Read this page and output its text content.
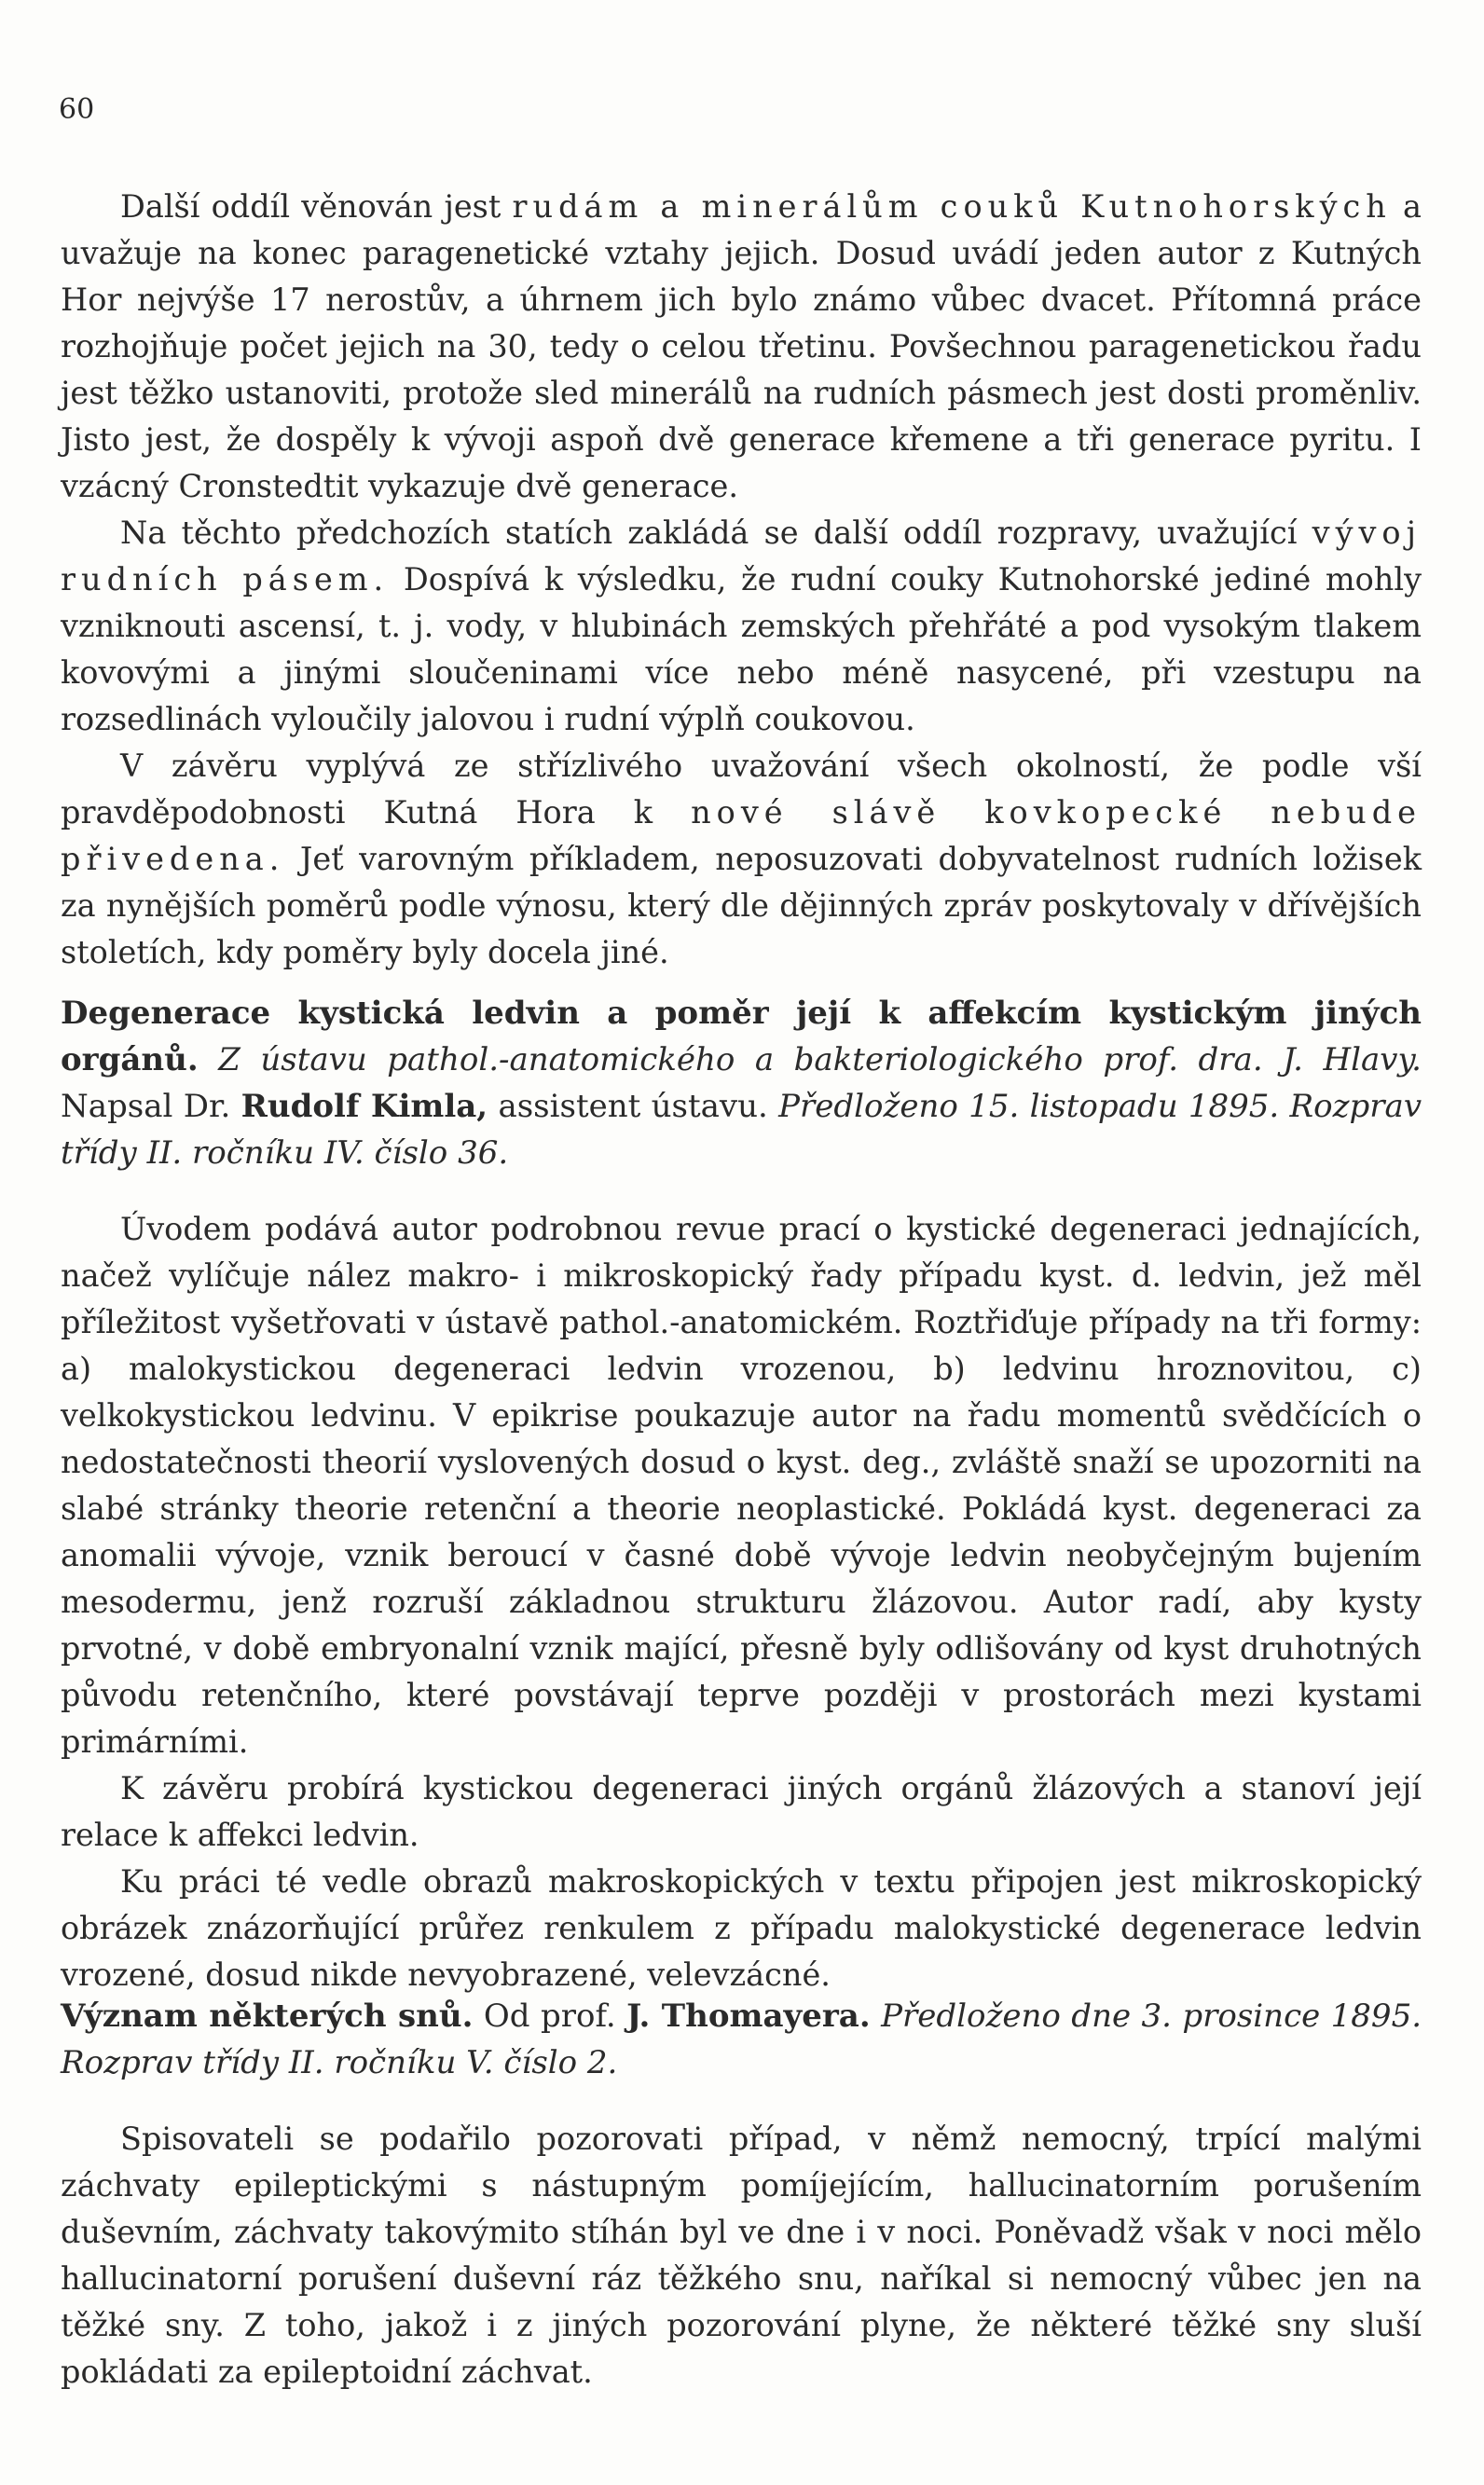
60

Další oddíl věnován jest rudám a minerálům couků Kutnohorských a uvažuje na konec paragenetické vztahy jejich. Dosud uvádí jeden autor z Kutných Hor nejvýše 17 nerostův, a úhrnem jich bylo známo vůbec dvacet. Přítomná práce rozhojňuje počet jejich na 30, tedy o celou třetinu. Povšechnou paragenetickou řadu jest těžko ustanoviti, protože sled minerálů na rudních pásmech jest dosti proměnliv. Jisto jest, že dospěly k vývoji aspoň dvě generace křemene a tři generace pyritu. I vzácný Cronstedtit vykazuje dvě generace.

Na těchto předchozích statích zakládá se další oddíl rozpravy, uvažující vývoj rudních pásem. Dospívá k výsledku, že rudní couky Kutnohorské jediné mohly vzniknouti ascensí, t. j. vody, v hlubinách zemských přehřáté a pod vysokým tlakem kovovými a jinými sloučeninami více nebo méně nasycené, při vzestupu na rozsedlinách vyloučily jalovou i rudní výplň coukovou.

V závěru vyplývá ze střízlivého uvažování všech okolností, že podle vší pravděpodobnosti Kutná Hora k nové slávě kovkopecké nebude přivedena. Jeť varovným příkladem, neposuzovati dobyvatelnost rudních ložisek za nynějších poměrů podle výnosu, který dle dějinných zpráv poskytovaly v dřívějších stoletích, kdy poměry byly docela jiné.

Degenerace kystická ledvin a poměr její k affekcím kystickým jiných orgánů. Z ústavu pathol.-anatomického a bakteriologického prof. dra. J. Hlavy. Napsal Dr. Rudolf Kimla, assistent ústavu. Předloženo 15. listopadu 1895. Rozprav třídy II. ročníku IV. číslo 36.

Úvodem podává autor podrobnou revue prací o kystické degeneraci jednajících, načež vylíčuje nález makro- i mikroskopický řady případu kyst. d. ledvin, jež měl příležitost vyšetřovati v ústavě pathol.-anatomickém. Roztřiďuje případy na tři formy: a) malokystickou degeneraci ledvin vrozenou, b) ledvinu hroznovitou, c) velkokystickou ledvinu. V epikrise poukazuje autor na řadu momentů svědčících o nedostatečnosti theorií vyslovených dosud o kyst. deg., zvláště snaží se upozorniti na slabé stránky theorie retenční a theorie neoplastické. Pokládá kyst. degeneraci za anomalii vývoje, vznik beroucí v časné době vývoje ledvin neobyčejným bujením mesodermu, jenž rozruší základnou strukturu žlázovou. Autor radí, aby kysty prvotné, v době embryonalní vznik mající, přesně byly odlišovány od kyst druhotných původu retenčního, které povstávají teprve později v prostorách mezi kystami primárními.

K závěru probírá kystickou degeneraci jiných orgánů žlázových a stanoví její relace k affekci ledvin.

Ku práci té vedle obrazů makroskopických v textu připojen jest mikroskopický obrázek znázorňující průřez renkulem z případu malokystické degenerace ledvin vrozené, dosud nikde nevyobrazené, velevzácné.

Význam některých snů. Od prof. J. Thomayera. Předloženo dne 3. prosince 1895. Rozprav třídy II. ročníku V. číslo 2.

Spisovateli se podařilo pozorovati případ, v němž nemocný, trpící malými záchvaty epileptickými s nástupným pomíjejícím, hallucinatorním porušením duševním, záchvaty takovýmito stíhán byl ve dne i v noci. Poněvadž však v noci mělo hallucinatorní porušení duševní ráz těžkého snu, naříkal si nemocný vůbec jen na těžké sny. Z toho, jakož i z jiných pozorování plyne, že některé těžké sny sluší pokládati za epileptoidní záchvat.
